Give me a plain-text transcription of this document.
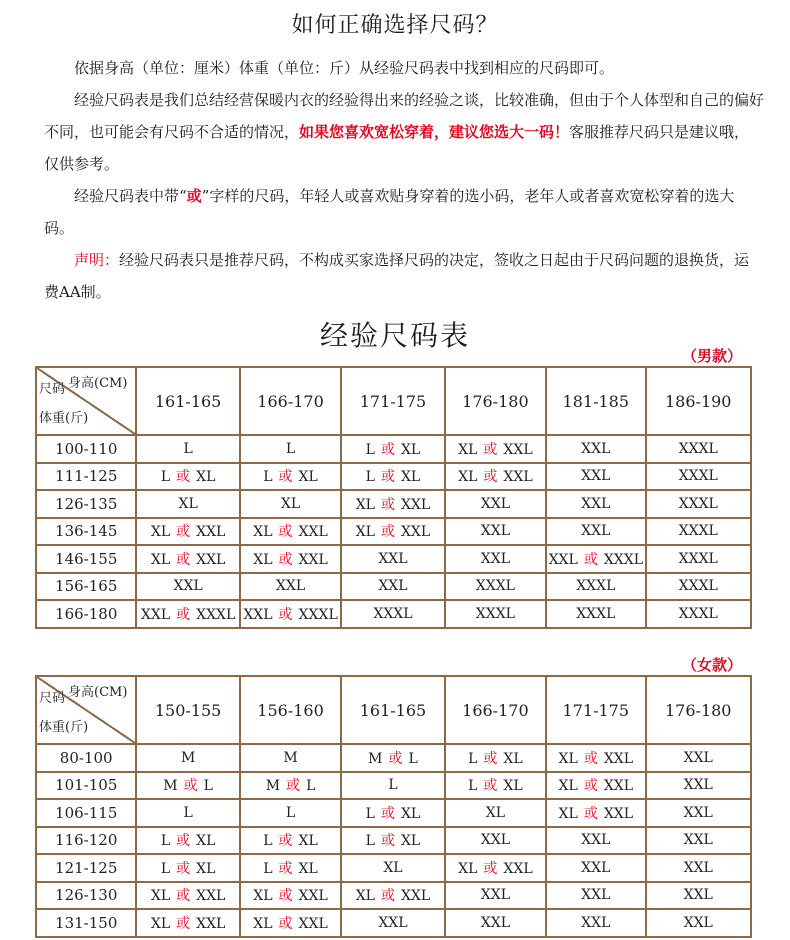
如何正确选择尺码？

依据身高（单位：厘米）体重（单位：斤）从经验尺码表中找到相应的尺码即可。

经验尺码表是我们总结经营保暖内衣的经验得出来的经验之谈，比较准确，但由于个人体型和自己的偏好不同，也可能会有尺码不合适的情况，如果您喜欢宽松穿着，建议您选大一码！客服推荐尺码只是建议哦，仅供参考。

经验尺码表中带“或”字样的尺码，年轻人或喜欢贴身穿着的选小码，老年人或者喜欢宽松穿着的选大码。

声明：经验尺码表只是推荐尺码，不构成买家选择尺码的决定，签收之日起由于尺码问题的退换货，运费AA制。

经验尺码表
（男款）
身高(CM)
尺码
体重(斤)	161-165	166-170	171-175	176-180	181-185	186-190
100-110	L	L	L 或 XL	XL 或 XXL	XXL	XXXL
111-125	L 或 XL	L 或 XL	L 或 XL	XL 或 XXL	XXL	XXXL
126-135	XL	XL	XL 或 XXL	XXL	XXL	XXXL
136-145	XL 或 XXL	XL 或 XXL	XL 或 XXL	XXL	XXL	XXXL
146-155	XL 或 XXL	XL 或 XXL	XXL	XXL	XXL 或 XXXL	XXXL
156-165	XXL	XXL	XXL	XXXL	XXXL	XXXL
166-180	XXL 或 XXXL	XXL 或 XXXL	XXXL	XXXL	XXXL	XXXL
（女款）
身高(CM)
尺码
体重(斤)	150-155	156-160	161-165	166-170	171-175	176-180
80-100	M	M	M 或 L	L 或 XL	XL 或 XXL	XXL
101-105	M 或 L	M 或 L	L	L 或 XL	XL 或 XXL	XXL
106-115	L	L	L 或 XL	XL	XL 或 XXL	XXL
116-120	L 或 XL	L 或 XL	L 或 XL	XXL	XXL	XXL
121-125	L 或 XL	L 或 XL	XL	XL 或 XXL	XXL	XXL
126-130	XL 或 XXL	XL 或 XXL	XL 或 XXL	XXL	XXL	XXL
131-150	XL 或 XXL	XL 或 XXL	XXL	XXL	XXL	XXL
